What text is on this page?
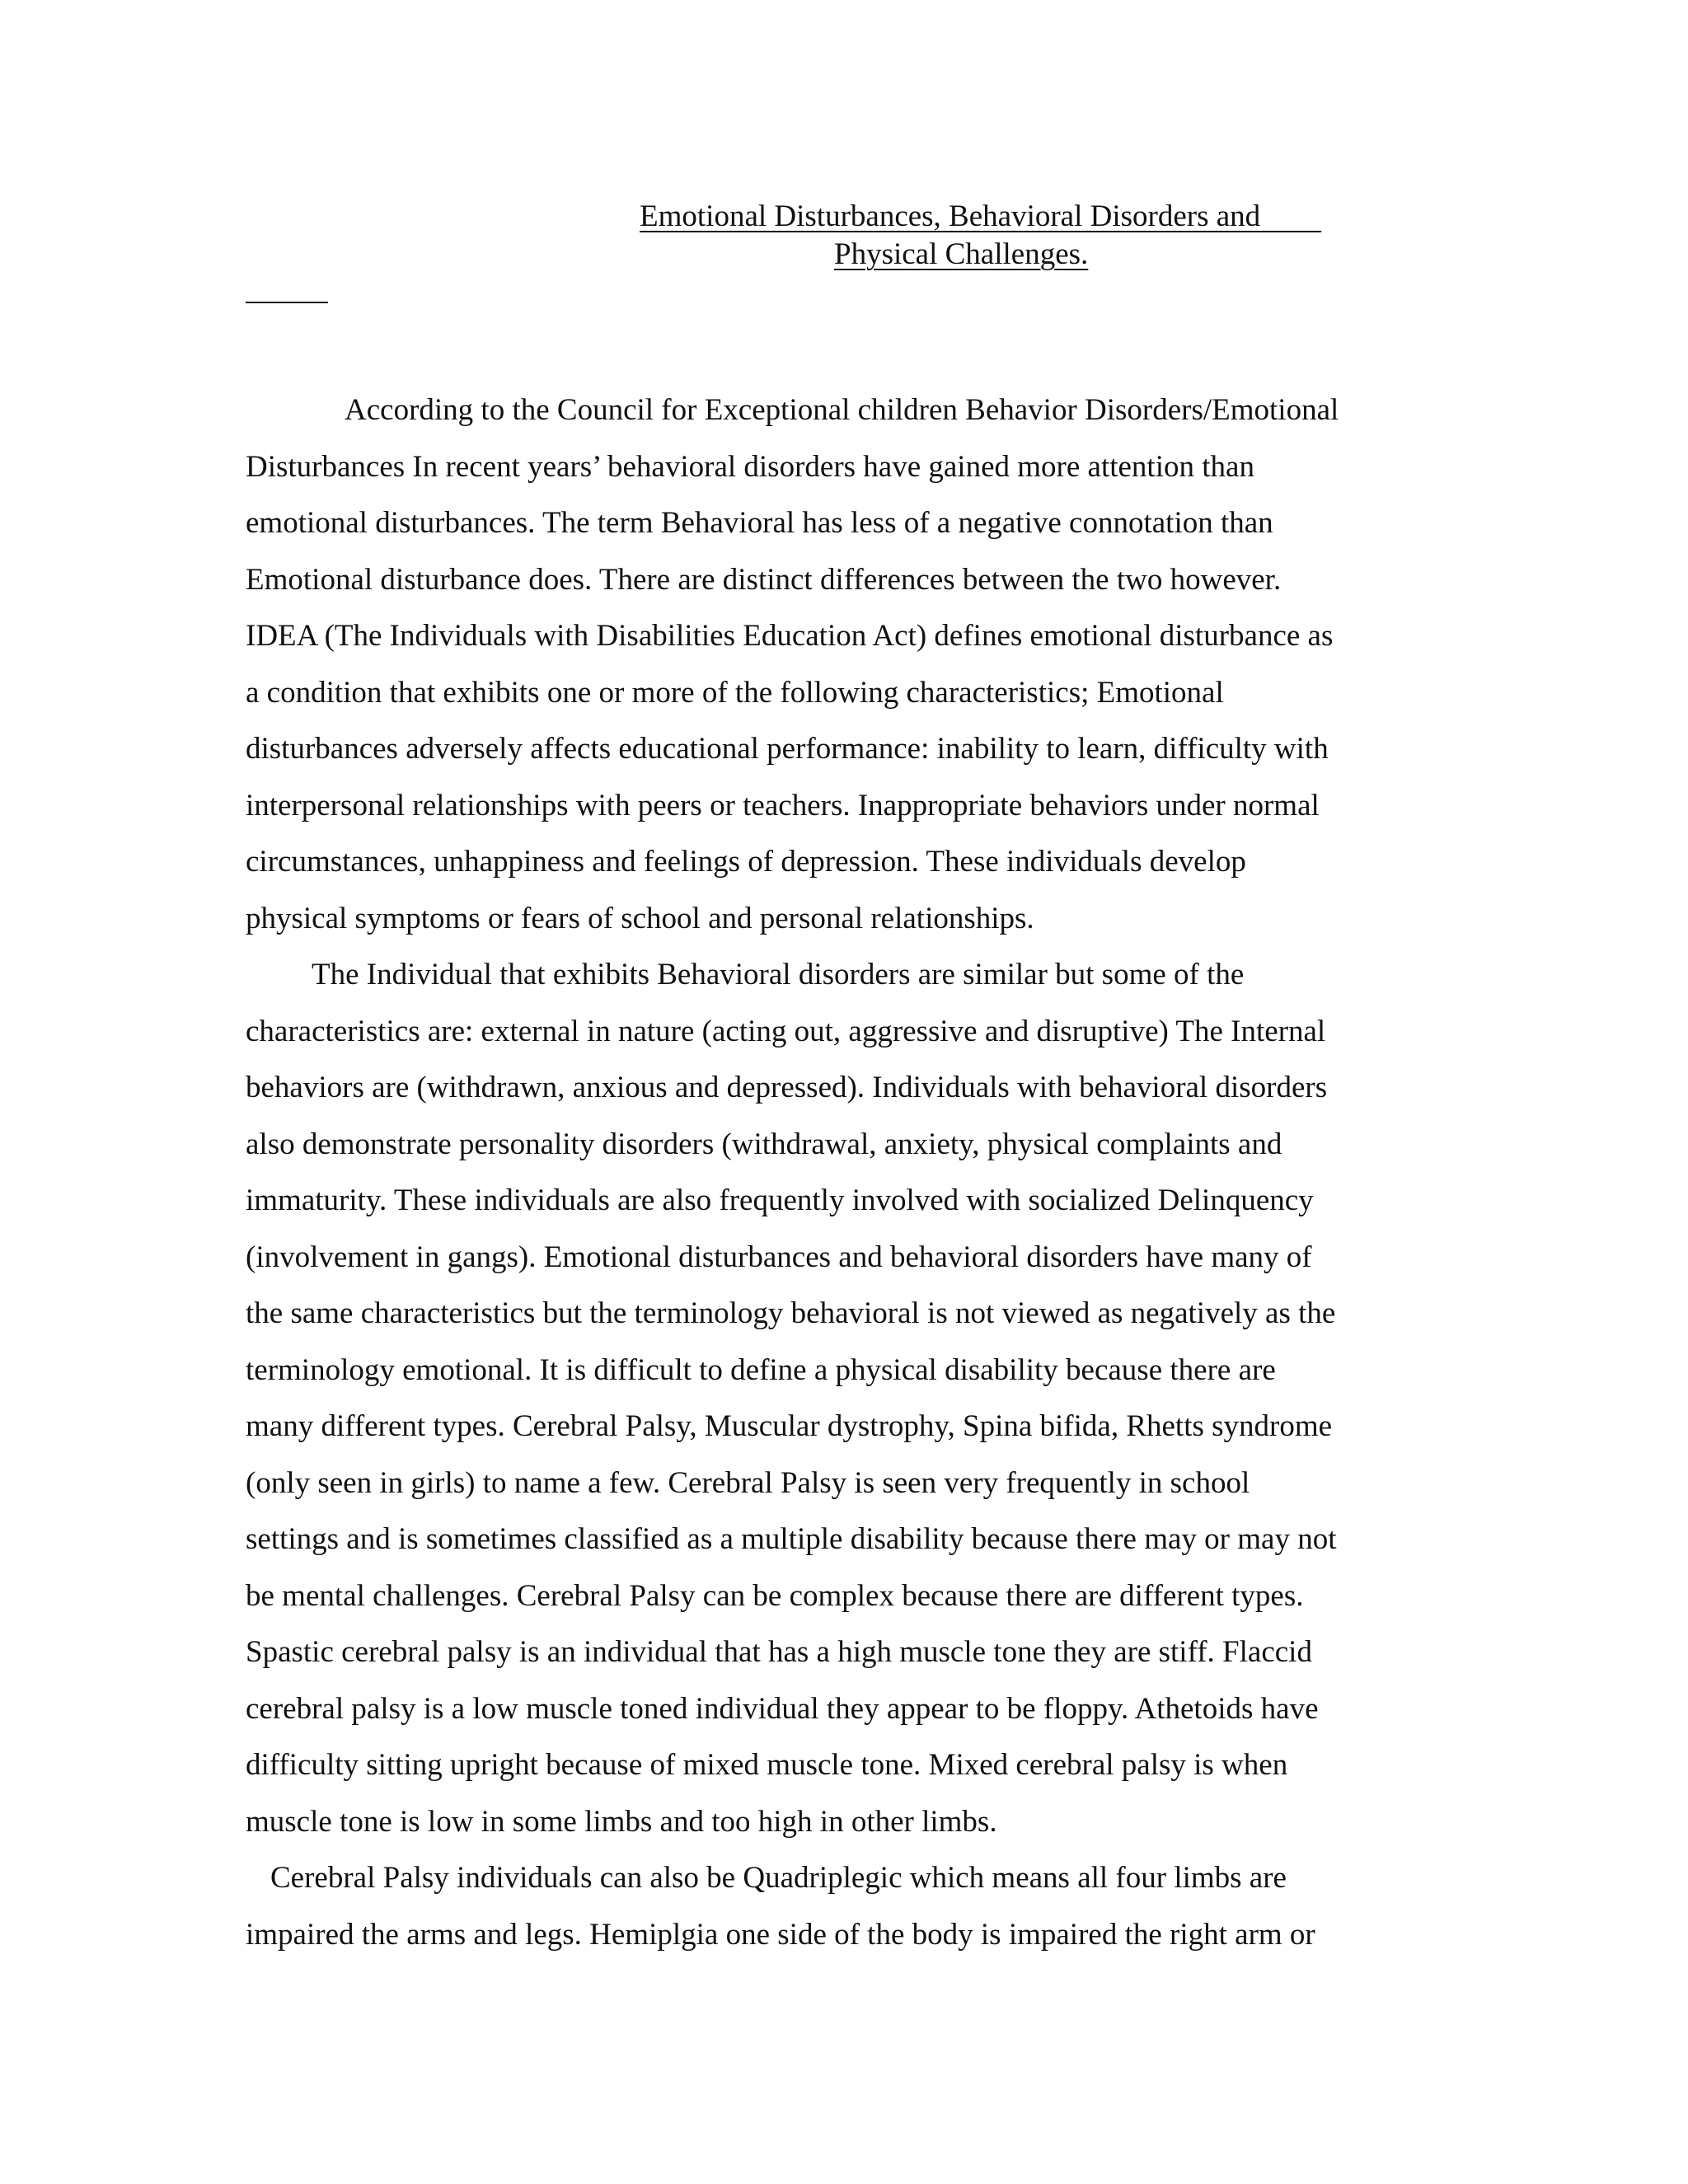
Emotional Disturbances, Behavioral Disorders and
Physical Challenges.
According to the Council for Exceptional children Behavior Disorders/Emotional
Disturbances In recent years’ behavioral disorders have gained more attention than
emotional disturbances. The term Behavioral has less of a negative connotation than
Emotional disturbance does. There are distinct differences between the two however.
IDEA (The Individuals with Disabilities Education Act) defines emotional disturbance as
a condition that exhibits one or more of the following characteristics; Emotional
disturbances adversely affects educational performance: inability to learn, difficulty with
interpersonal relationships with peers or teachers. Inappropriate behaviors under normal
circumstances, unhappiness and feelings of depression. These individuals develop
physical symptoms or fears of school and personal relationships.
The Individual that exhibits Behavioral disorders are similar but some of the
characteristics are: external in nature (acting out, aggressive and disruptive) The Internal
behaviors are (withdrawn, anxious and depressed). Individuals with behavioral disorders
also demonstrate personality disorders (withdrawal, anxiety, physical complaints and
immaturity. These individuals are also frequently involved with socialized Delinquency
(involvement in gangs). Emotional disturbances and behavioral disorders have many of
the same characteristics but the terminology behavioral is not viewed as negatively as the
terminology emotional. It is difficult to define a physical disability because there are
many different types. Cerebral Palsy, Muscular dystrophy, Spina bifida, Rhetts syndrome
(only seen in girls) to name a few. Cerebral Palsy is seen very frequently in school
settings and is sometimes classified as a multiple disability because there may or may not
be mental challenges. Cerebral Palsy can be complex because there are different types.
Spastic cerebral palsy is an individual that has a high muscle tone they are stiff. Flaccid
cerebral palsy is a low muscle toned individual they appear to be floppy. Athetoids have
difficulty sitting upright because of mixed muscle tone. Mixed cerebral palsy is when
muscle tone is low in some limbs and too high in other limbs.
Cerebral Palsy individuals can also be Quadriplegic which means all four limbs are
impaired the arms and legs. Hemiplgia one side of the body is impaired the right arm or
